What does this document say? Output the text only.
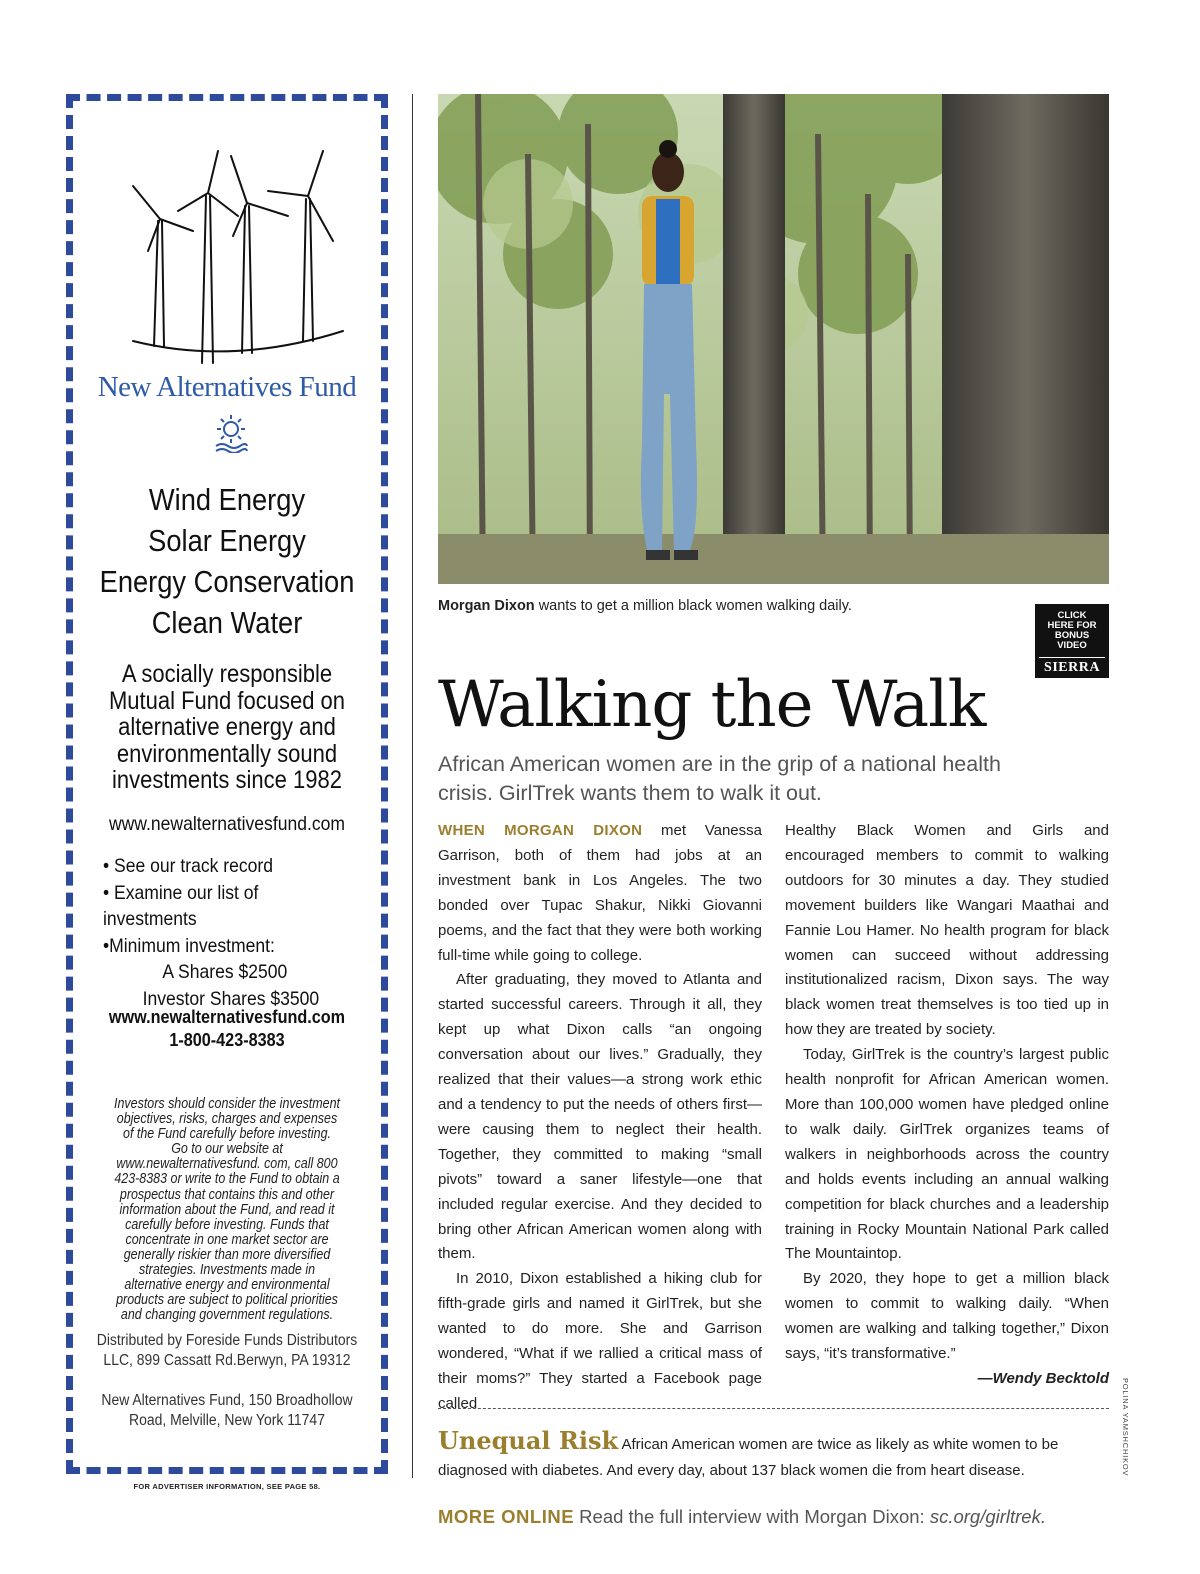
New Alternatives Fund
Wind Energy
Solar Energy
Energy Conservation
Clean Water
A socially responsible
Mutual Fund focused on
alternative energy and
environmentally sound
investments since 1982
www.newalternativesfund.com
• See our track record
• Examine our list of investments
•Minimum investment:
A Shares $2500
Investor Shares $3500
www.newalternativesfund.com
1-800-423-8383
Investors should consider the investment objectives, risks, charges and expenses of the Fund carefully before investing. Go to our website at www.newalternativesfund. com, call 800 423-8383 or write to the Fund to obtain a prospectus that contains this and other information about the Fund, and read it carefully before investing. Funds that concentrate in one market sector are generally riskier than more diversified strategies. Investments made in alternative energy and environmental products are subject to political priorities and changing government regulations.
Distributed by Foreside Funds Distributors
LLC, 899 Cassatt Rd.Berwyn, PA 19312
New Alternatives Fund, 150 Broadhollow
Road, Melville, New York 11747
FOR ADVERTISER INFORMATION, SEE PAGE 58.
Morgan Dixon wants to get a million black women walking daily.
CLICK
HERE FOR
BONUS
VIDEO
SIERRA
Walking the Walk
African American women are in the grip of a national health crisis. GirlTrek wants them to walk it out.

WHEN MORGAN DIXON met Vanessa Garrison, both of them had jobs at an investment bank in Los Angeles. The two bonded over Tupac Shakur, Nikki Giovanni poems, and the fact that they were both working full-time while going to college.

After graduating, they moved to Atlanta and started successful careers. Through it all, they kept up what Dixon calls “an ongoing conversation about our lives.” Gradually, they realized that their values—a strong work ethic and a tendency to put the needs of others first—were causing them to neglect their health. Together, they committed to making “small pivots” toward a saner lifestyle—one that included regular exercise. And they decided to bring other African American women along with them.

In 2010, Dixon established a hiking club for fifth-grade girls and named it GirlTrek, but she wanted to do more. She and Garrison wondered, “What if we rallied a critical mass of their moms?” They started a Facebook page called

Healthy Black Women and Girls and encouraged members to commit to walking outdoors for 30 minutes a day. They studied movement builders like Wangari Maathai and Fannie Lou Hamer. No health program for black women can succeed without addressing institutionalized racism, Dixon says. The way black women treat themselves is too tied up in how they are treated by society.

Today, GirlTrek is the country’s largest public health nonprofit for African American women. More than 100,000 women have pledged online to walk daily. GirlTrek organizes teams of walkers in neighborhoods across the country and holds events including an annual walking competition for black churches and a leadership training in Rocky Mountain National Park called The Mountaintop.

By 2020, they hope to get a million black women to commit to walking daily. “When women are walking and talking together,” Dixon says, “it’s transformative.”

—Wendy Becktold

Unequal Risk African American women are twice as likely as white women to be diagnosed with diabetes. And every day, about 137 black women die from heart disease.
MORE ONLINE Read the full interview with Morgan Dixon: sc.org/girltrek.
POLINA YAMSHCHIKOV
